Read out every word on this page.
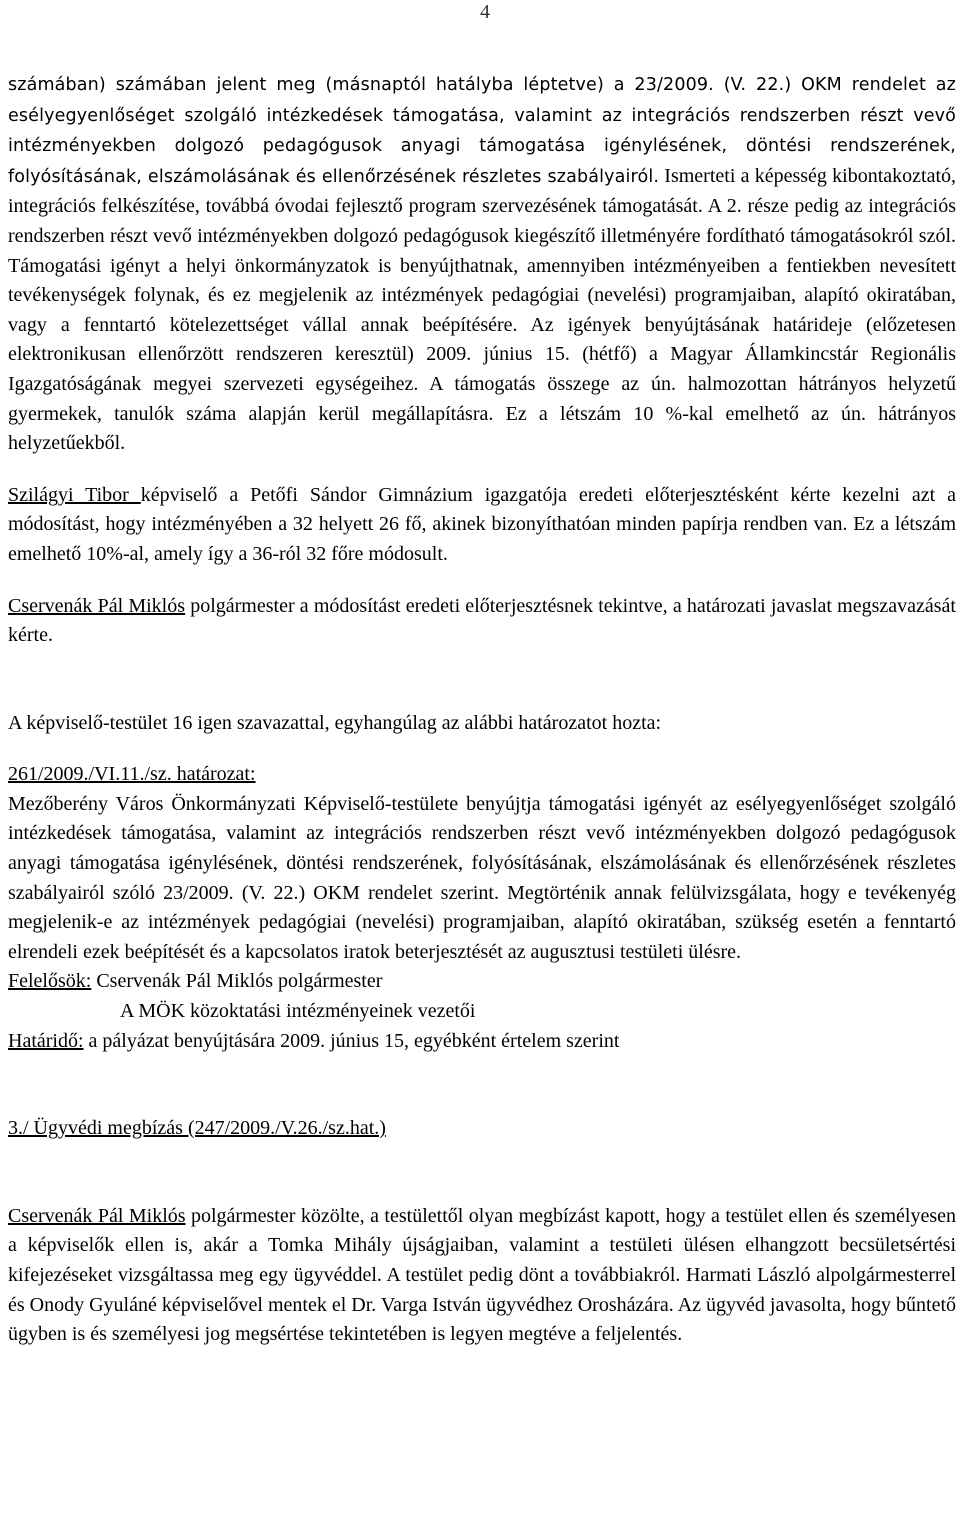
4

számában) számában jelent meg (másnaptól hatályba léptetve) a 23/2009. (V. 22.) OKM rendelet az esélyegyenlőséget szolgáló intézkedések támogatása, valamint az integrációs rendszerben részt vevő intézményekben dolgozó pedagógusok anyagi támogatása igénylésének, döntési rendszerének, folyósításának, elszámolásának és ellenőrzésének részletes szabályairól. Ismerteti a képesség kibontakoztató, integrációs felkészítése, továbbá óvodai fejlesztő program szervezésének támogatását. A 2. része pedig az integrációs rendszerben részt vevő intézményekben dolgozó pedagógusok kiegészítő illetményére fordítható támogatásokról szól. Támogatási igényt a helyi önkormányzatok is benyújthatnak, amennyiben intézményeiben a fentiekben nevesített tevékenységek folynak, és ez megjelenik az intézmények pedagógiai (nevelési) programjaiban, alapító okiratában, vagy a fenntartó kötelezettséget vállal annak beépítésére. Az igények benyújtásának határideje (előzetesen elektronikusan ellenőrzött rendszeren keresztül) 2009. június 15. (hétfő) a Magyar Államkincstár Regionális Igazgatóságának megyei szervezeti egységeihez. A támogatás összege az ún. halmozottan hátrányos helyzetű gyermekek, tanulók száma alapján kerül megállapításra. Ez a létszám 10 %-kal emelhető az ún. hátrányos helyzetűekből.

Szilágyi Tibor képviselő a Petőfi Sándor Gimnázium igazgatója eredeti előterjesztésként kérte kezelni azt a módosítást, hogy intézményében a 32 helyett 26 fő, akinek bizonyíthatóan minden papírja rendben van. Ez a létszám emelhető 10%-al, amely így a 36-ról 32 főre módosult.

Cservenák Pál Miklós polgármester a módosítást eredeti előterjesztésnek tekintve, a határozati javaslat megszavazását kérte.

A képviselő-testület 16 igen szavazattal, egyhangúlag az alábbi határozatot hozta:

261/2009./VI.11./sz. határozat:

Mezőberény Város Önkormányzati Képviselő-testülete benyújtja támogatási igényét az esélyegyenlőséget szolgáló intézkedések támogatása, valamint az integrációs rendszerben részt vevő intézményekben dolgozó pedagógusok anyagi támogatása igénylésének, döntési rendszerének, folyósításának, elszámolásának és ellenőrzésének részletes szabályairól szóló 23/2009. (V. 22.) OKM rendelet szerint. Megtörténik annak felülvizsgálata, hogy e tevékenyég megjelenik-e az intézmények pedagógiai (nevelési) programjaiban, alapító okiratában, szükség esetén a fenntartó elrendeli ezek beépítését és a kapcsolatos iratok beterjesztését az augusztusi testületi ülésre.

Felelősök: Cservenák Pál Miklós polgármester

A MÖK közoktatási intézményeinek vezetői

Határidő: a pályázat benyújtására 2009. június 15, egyébként értelem szerint

3./ Ügyvédi megbízás (247/2009./V.26./sz.hat.)

Cservenák Pál Miklós polgármester közölte, a testülettől olyan megbízást kapott, hogy a testület ellen és személyesen a képviselők ellen is, akár a Tomka Mihály újságjaiban, valamint a testületi ülésen elhangzott becsületsértési kifejezéseket vizsgáltassa meg egy ügyvéddel. A testület pedig dönt a továbbiakról. Harmati László alpolgármesterrel és Onody Gyuláné képviselővel mentek el Dr. Varga István ügyvédhez Orosházára. Az ügyvéd javasolta, hogy bűntető ügyben is és személyesi jog megsértése tekintetében is legyen megtéve a feljelentés.
